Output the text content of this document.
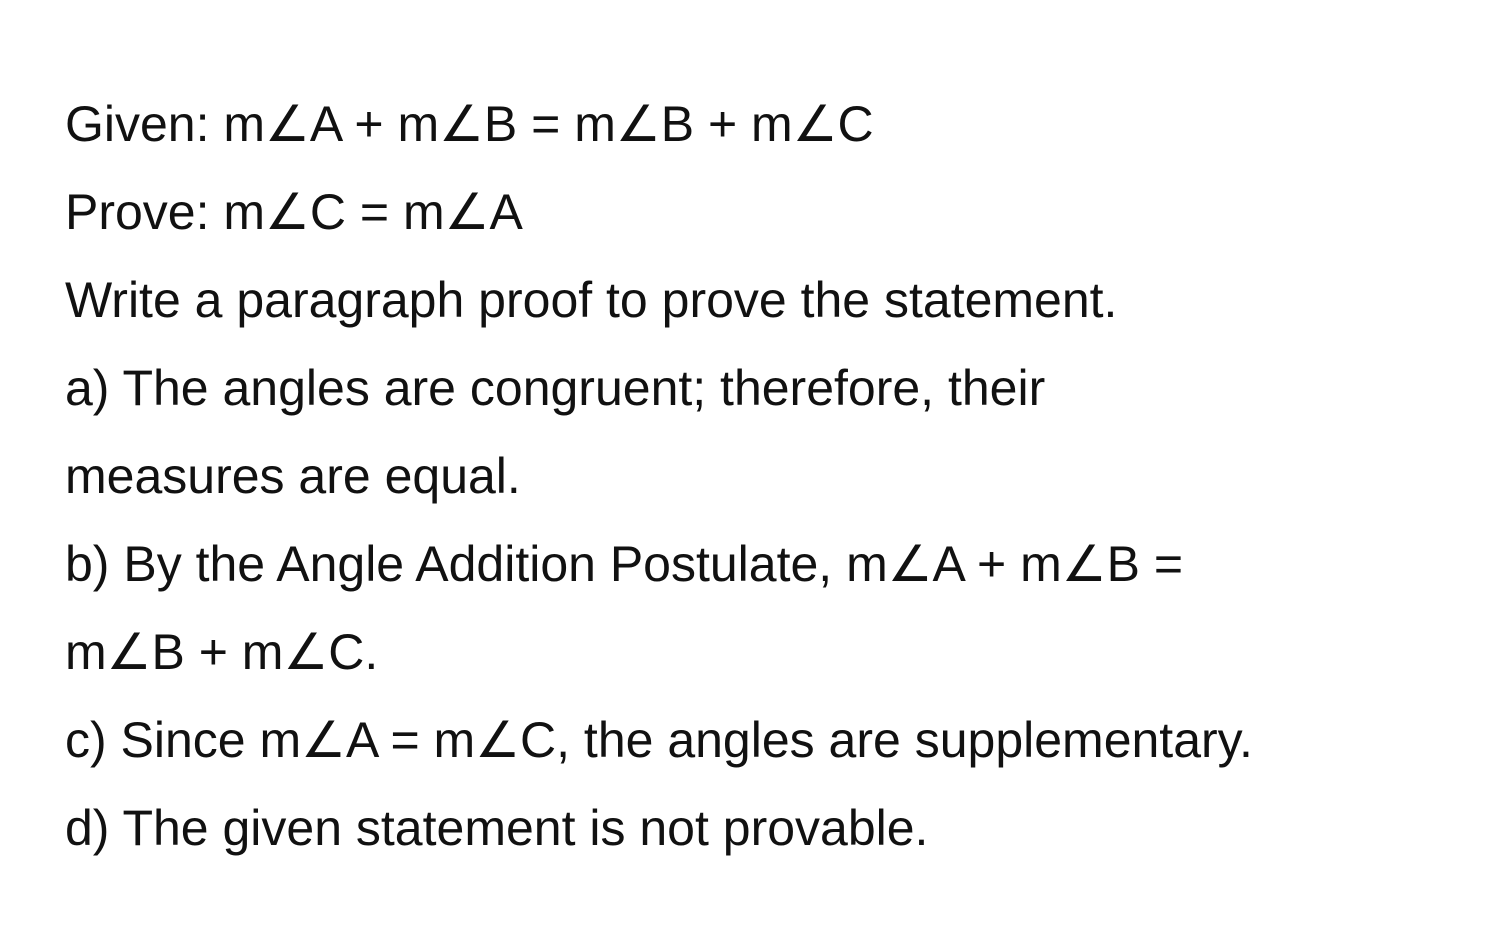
Given: m∠A + m∠B = m∠B + m∠C
Prove: m∠C = m∠A
Write a paragraph proof to prove the statement.
a) The angles are congruent; therefore, their
measures are equal.
b) By the Angle Addition Postulate, m∠A + m∠B =
m∠B + m∠C.
c) Since m∠A = m∠C, the angles are supplementary.
d) The given statement is not provable.
